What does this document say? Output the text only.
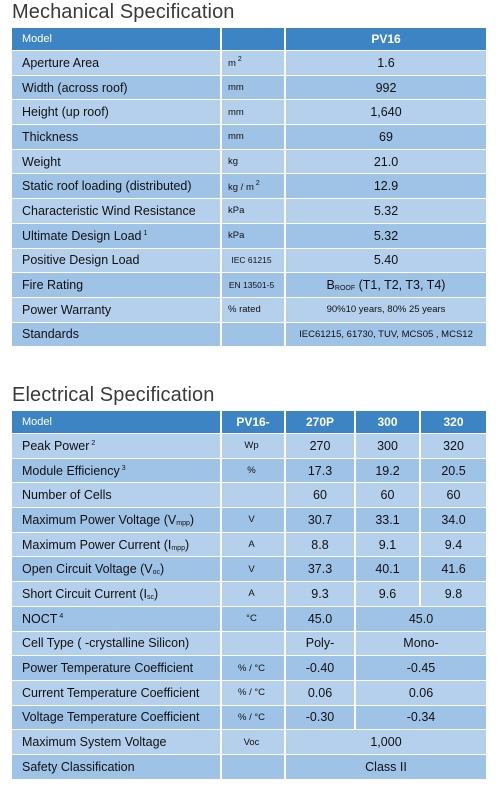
Mechanical Specification
Model		PV16
Aperture Area	m $^2$	1.6
Width (across roof)	mm	992
Height (up roof)	mm	1,640
Thickness	mm	69
Weight	kg	21.0
Static roof loading (distributed)	kg / m $^2$	12.9
Characteristic Wind Resistance	kPa	5.32
Ultimate Design Load $^1$	kPa	5.32
Positive Design Load	IEC 61215	5.40
Fire Rating	EN 13501-5	$B_{ROOF}$ (T1, T2, T3, T4)
Power Warranty	% rated	90%10 years, 80% 25 years
Standards		IEC61215, 61730, TUV, MCS05 , MCS12
Electrical Specification
Model	PV16-	270P	300	320
Peak Power $^2$	Wp	270	300	320
Module Efficiency $^3$	%	17.3	19.2	20.5
Number of Cells		60	60	60
Maximum Power Voltage $(V_{mpp})$	V	30.7	33.1	34.0
Maximum Power Current $(I_{mpp})$	A	8.8	9.1	9.4
Open Circuit Voltage $(V_{oc})$	V	37.3	40.1	41.6
Short Circuit Current $(I_{sc})$	A	9.3	9.6	9.8
NOCT $^4$	°C	45.0	45.0	
Cell Type ( -crystalline Silicon)		Poly-	Mono-	
Power Temperature Coefficient	% / °C	-0.40	-0.45	
Current Temperature Coefficient	% / °C	0.06	0.06	
Voltage Temperature Coefficient	% / °C	-0.30	-0.34	
Maximum System Voltage	Voc	1,000		
Safety Classification		Class II		
